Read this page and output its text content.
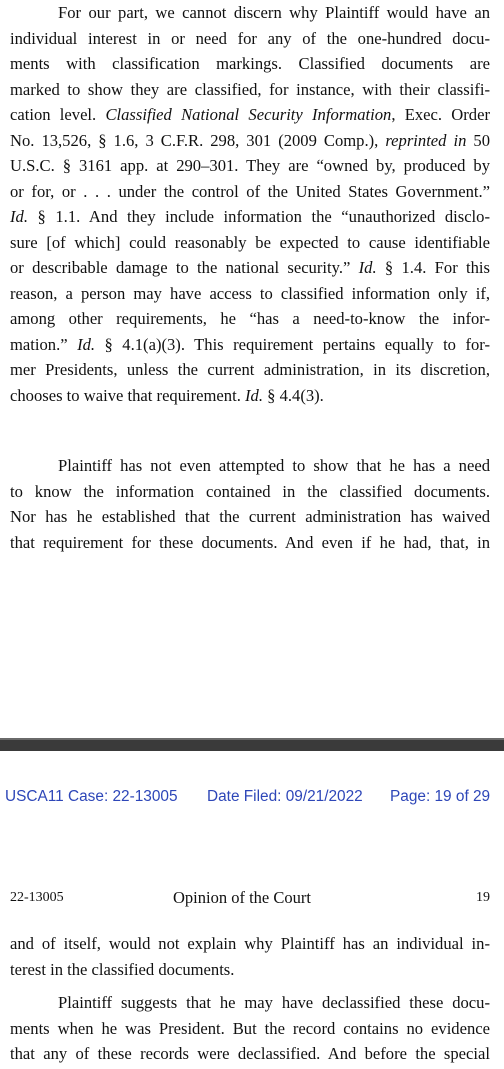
For our part, we cannot discern why Plaintiff would have an
individual interest in or need for any of the one-hundred docu-
ments with classification markings. Classified documents are
marked to show they are classified, for instance, with their classifi-
cation level. Classified National Security Information, Exec. Order
No. 13,526, § 1.6, 3 C.F.R. 298, 301 (2009 Comp.), reprinted in 50
U.S.C. § 3161 app. at 290–301. They are “owned by, produced by
or for, or . . . under the control of the United States Government.”
Id. § 1.1. And they include information the “unauthorized disclo-
sure [of which] could reasonably be expected to cause identifiable
or describable damage to the national security.” Id. § 1.4. For this
reason, a person may have access to classified information only if,
among other requirements, he “has a need-to-know the infor-
mation.” Id. § 4.1(a)(3). This requirement pertains equally to for-
mer Presidents, unless the current administration, in its discretion,
chooses to waive that requirement. Id. § 4.4(3).

Plaintiff has not even attempted to show that he has a need
to know the information contained in the classified documents.
Nor has he established that the current administration has waived
that requirement for these documents. And even if he had, that, in

USCA11 Case: 22-13005 Date Filed: 09/21/2022 Page: 19 of 29
22-13005	Opinion of the Court	19

and of itself, would not explain why Plaintiff has an individual in-
terest in the classified documents.

Plaintiff suggests that he may have declassified these docu-
ments when he was President. But the record contains no evidence
that any of these records were declassified. And before the special
